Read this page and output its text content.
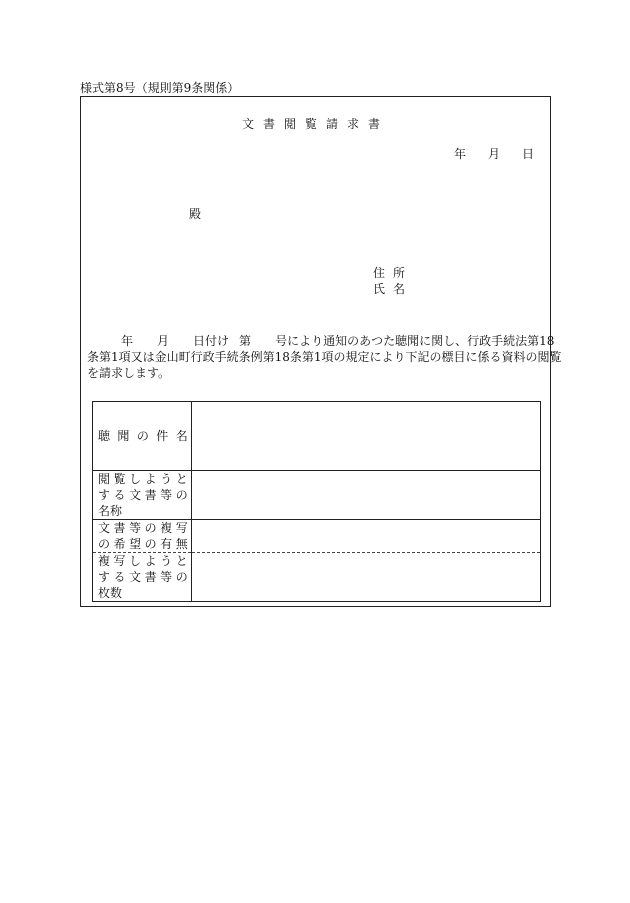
様式第8号（規則第9条関係）
文書閲覧請求書
年 月 日
殿
住所
氏名
年 月 日付け 第 号により通知のあつた聴聞に関し、行政手続法第18
条第1項又は金山町行政手続条例第18条第1項の規定により下記の標目に係る資料の閲覧
を請求します。
聴 聞 の 件 名	

閲覧しようと
する文書等の
名称	

文書等の複写
の希望の有無	

複写しようと
する文書等の
枚数	
